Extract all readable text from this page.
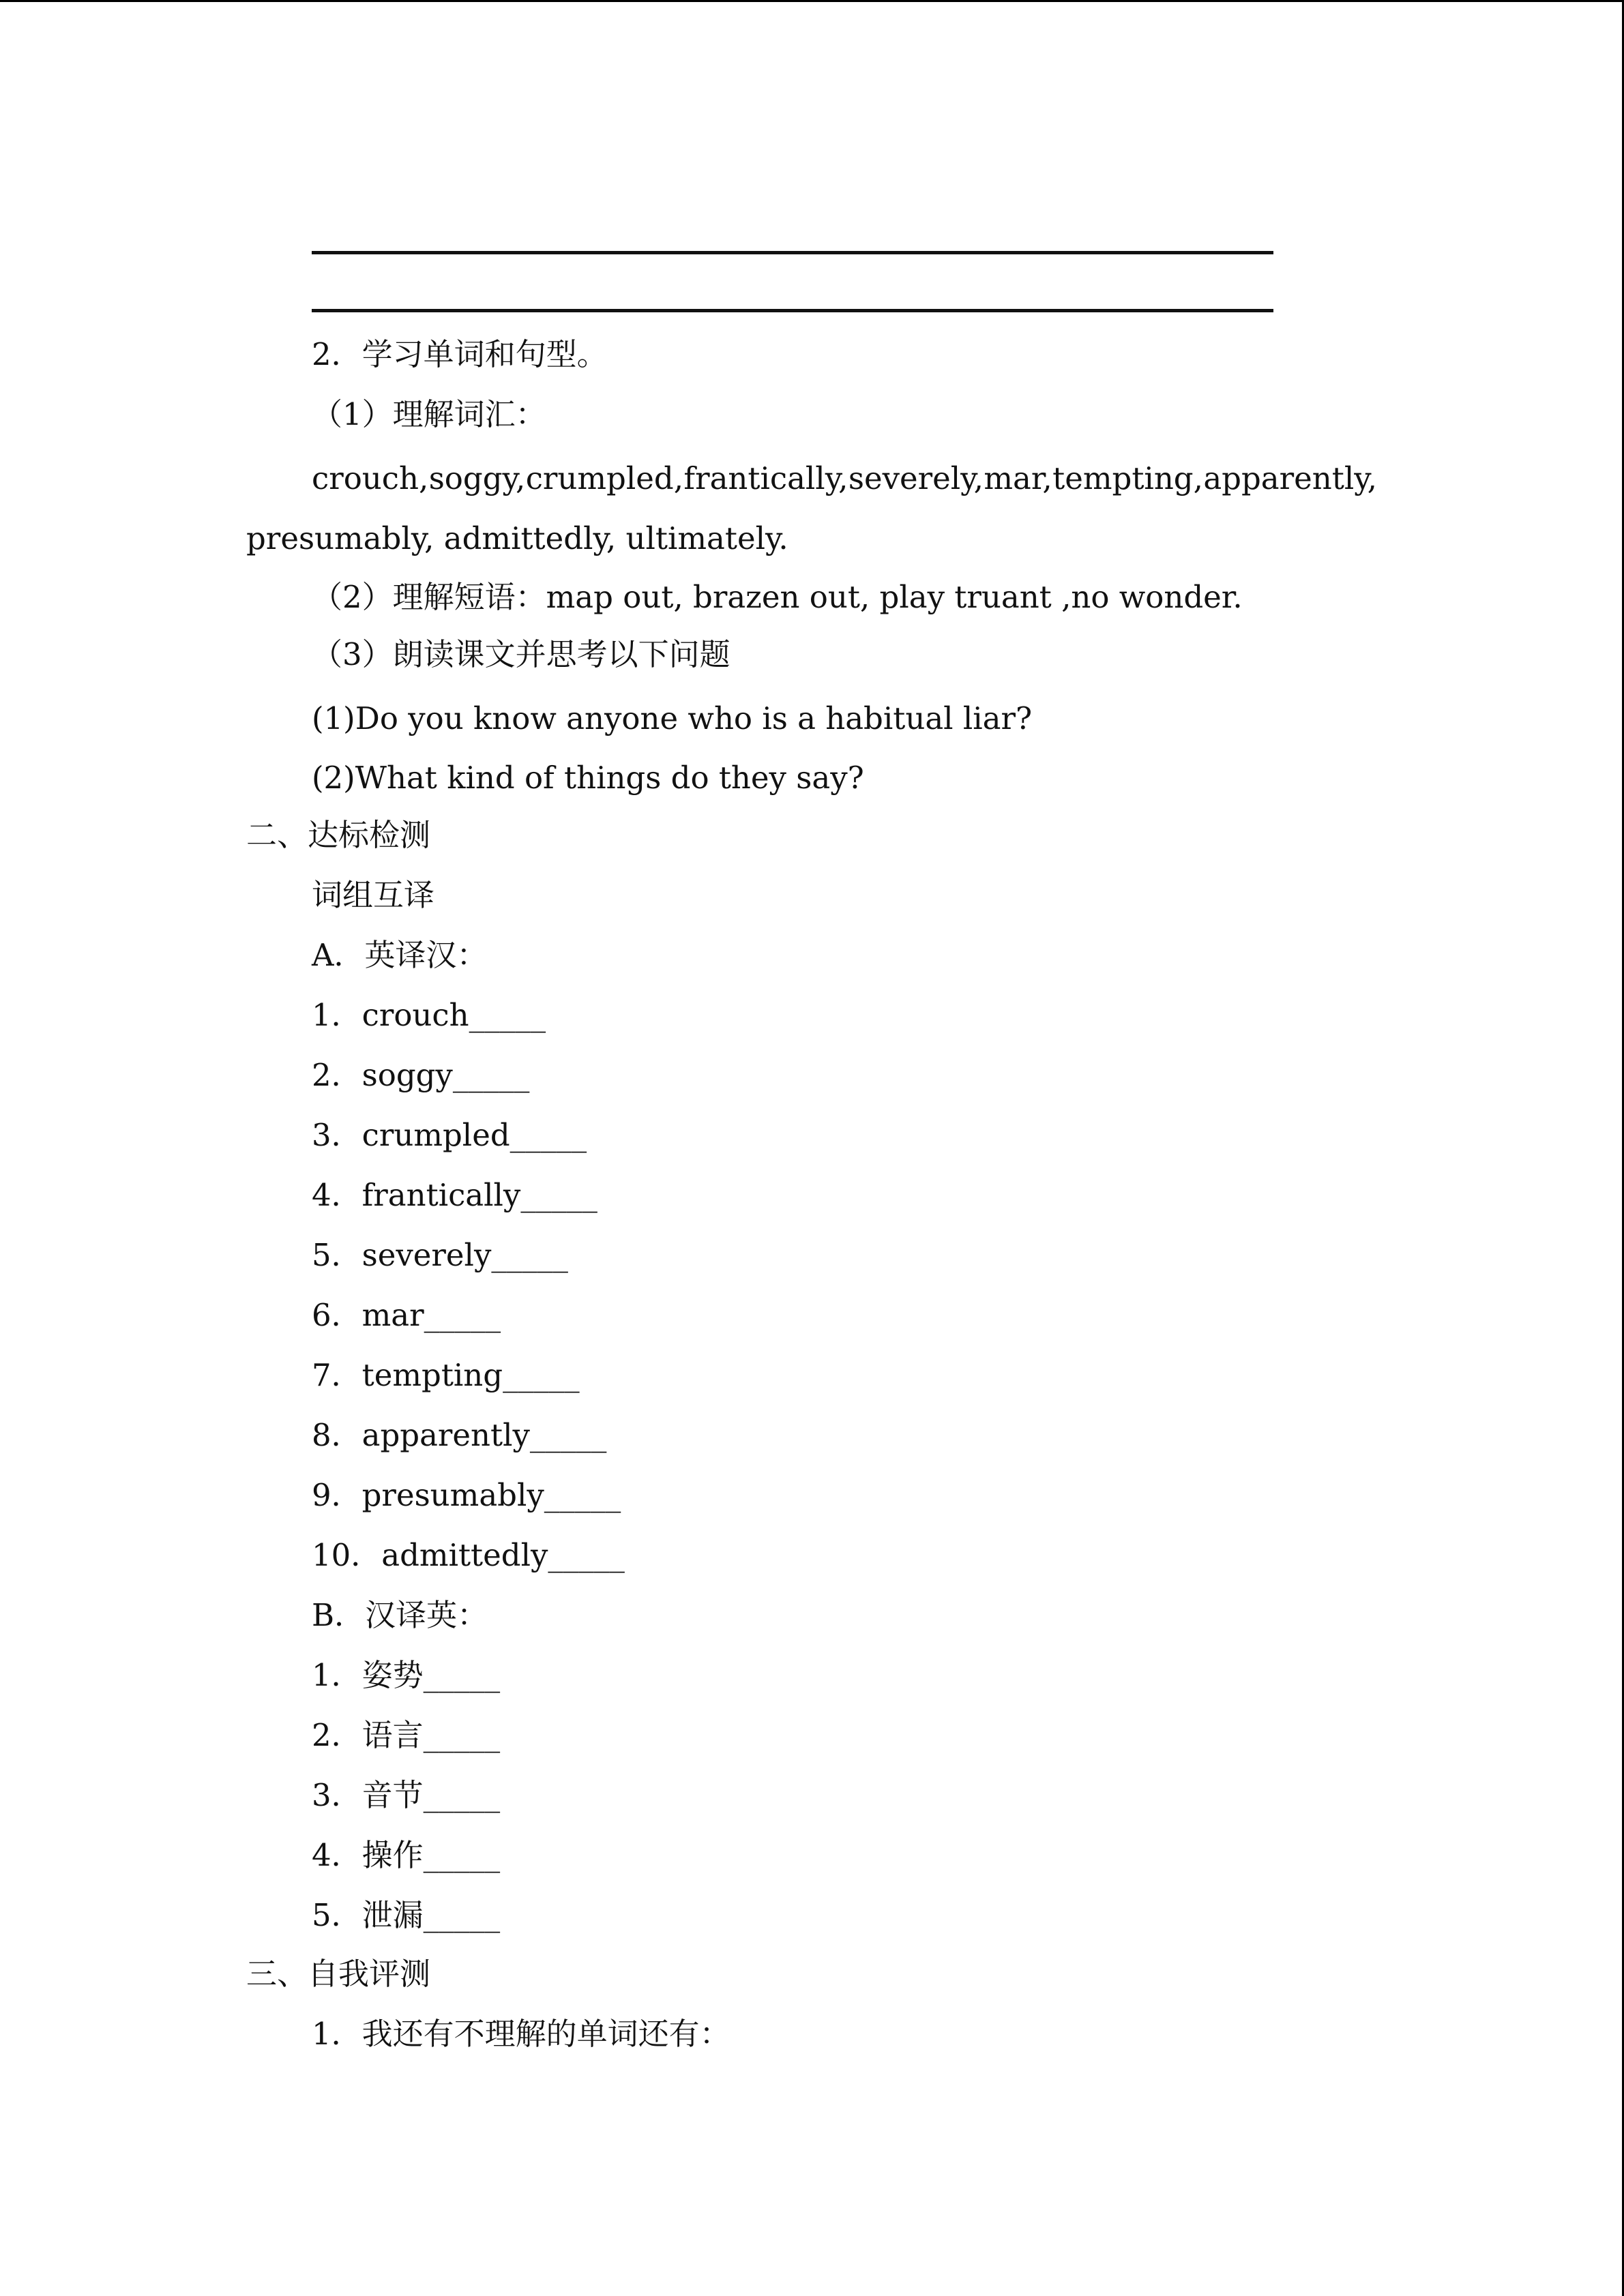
2．学习单词和句型。
（1）理解词汇：
crouch, soggy, crumpled, frantically, severely, mar, tempting, apparently,
presumably, admittedly, ultimately.
（2）理解短语：map out, brazen out, play truant ,no wonder.
（3）朗读课文并思考以下问题
(1)Do you know anyone who is a habitual liar?
(2)What kind of things do they say?
二、达标检测
词组互译
A．英译汉：
1．crouch_____
2．soggy_____
3．crumpled_____
4．frantically_____
5．severely_____
6．mar_____
7．tempting_____
8．apparently_____
9．presumably_____
10．admittedly_____
B．汉译英：
1．姿势_____
2．语言_____
3．音节_____
4．操作_____
5．泄漏_____
三、自我评测
1．我还有不理解的单词还有：
